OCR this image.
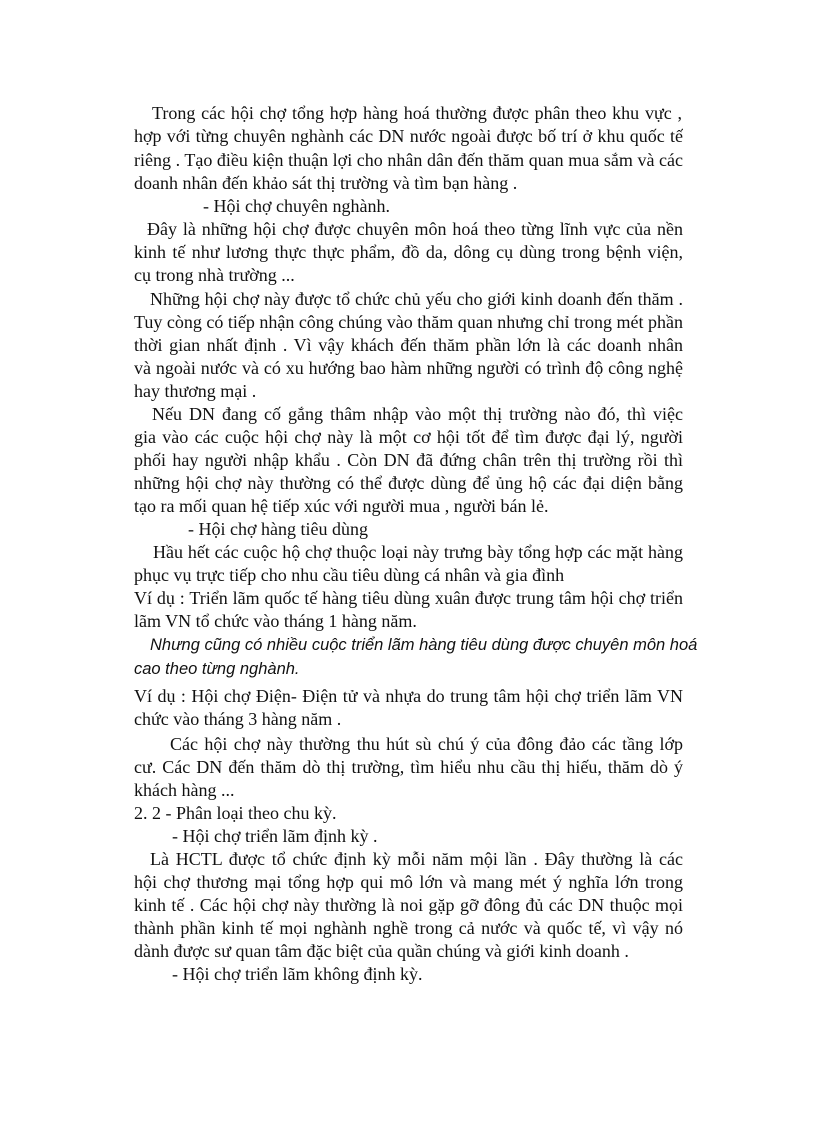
Trong các hội chợ tổng hợp hàng hoá thường được phân theo khu vực ,
hợp với từng chuyên nghành các DN nước ngoài được bố trí ở khu quốc tế
riêng . Tạo điều kiện thuận lợi cho nhân dân đến thăm quan mua sắm và các
doanh nhân đến khảo sát thị trường và tìm bạn hàng .
- Hội chợ chuyên nghành.
Đây là những hội chợ được chuyên môn hoá theo từng lĩnh vực của nền
kinh tế như lương thực thực phẩm, đồ da, dông cụ dùng trong bệnh viện,
cụ trong nhà trường ...
Những hội chợ này được tổ chức chủ yếu cho giới kinh doanh đến thăm .
Tuy còng có tiếp nhận công chúng vào thăm quan nhưng chỉ trong mét phần
thời gian nhất định . Vì vậy khách đến thăm phần lớn là các doanh nhân
và ngoài nước và có xu hướng bao hàm những người có trình độ công nghệ
hay thương mại .
Nếu DN đang cố gắng thâm nhập vào một thị trường nào đó, thì việc
gia vào các cuộc hội chợ này là một cơ hội tốt để tìm được đại lý, người
phối hay người nhập khẩu . Còn DN đã đứng chân trên thị trường rồi thì
những hội chợ này thường có thể được dùng để ủng hộ các đại diện bằng
tạo ra mối quan hệ tiếp xúc với người mua , người bán lẻ.
- Hội chợ hàng tiêu dùng
Hầu hết các cuộc hộ chợ thuộc loại này trưng bày tổng hợp các mặt hàng
phục vụ trực tiếp cho nhu cầu tiêu dùng cá nhân và gia đình
Ví dụ : Triển lãm quốc tế hàng tiêu dùng xuân được trung tâm hội chợ triển
lãm VN tổ chức vào tháng 1 hàng năm.
Nhưng cũng có nhiều cuộc triển lãm hàng tiêu dùng được chuyên môn hoá
cao theo từng nghành.
Ví dụ : Hội chợ Điện- Điện tử và nhựa do trung tâm hội chợ triển lãm VN
chức vào tháng 3 hàng năm .
Các hội chợ này thường thu hút sù chú ý của đông đảo các tầng lớp
cư. Các DN đến thăm dò thị trường, tìm hiểu nhu cầu thị hiếu, thăm dò ý
khách hàng ...
2. 2 - Phân loại theo chu kỳ.
- Hội chợ triển lãm định kỳ .
Là HCTL được tổ chức định kỳ mỗi năm mội lần . Đây thường là các
hội chợ thương mại tổng hợp qui mô lớn và mang mét ý nghĩa lớn trong
kinh tế . Các hội chợ này thường là noi gặp gỡ đông đủ các DN thuộc mọi
thành phần kinh tế mọi nghành nghề trong cả nước và quốc tế, vì vậy nó
dành được sư quan tâm đặc biệt của quần chúng và giới kinh doanh .
- Hội chợ triển lãm không định kỳ.
